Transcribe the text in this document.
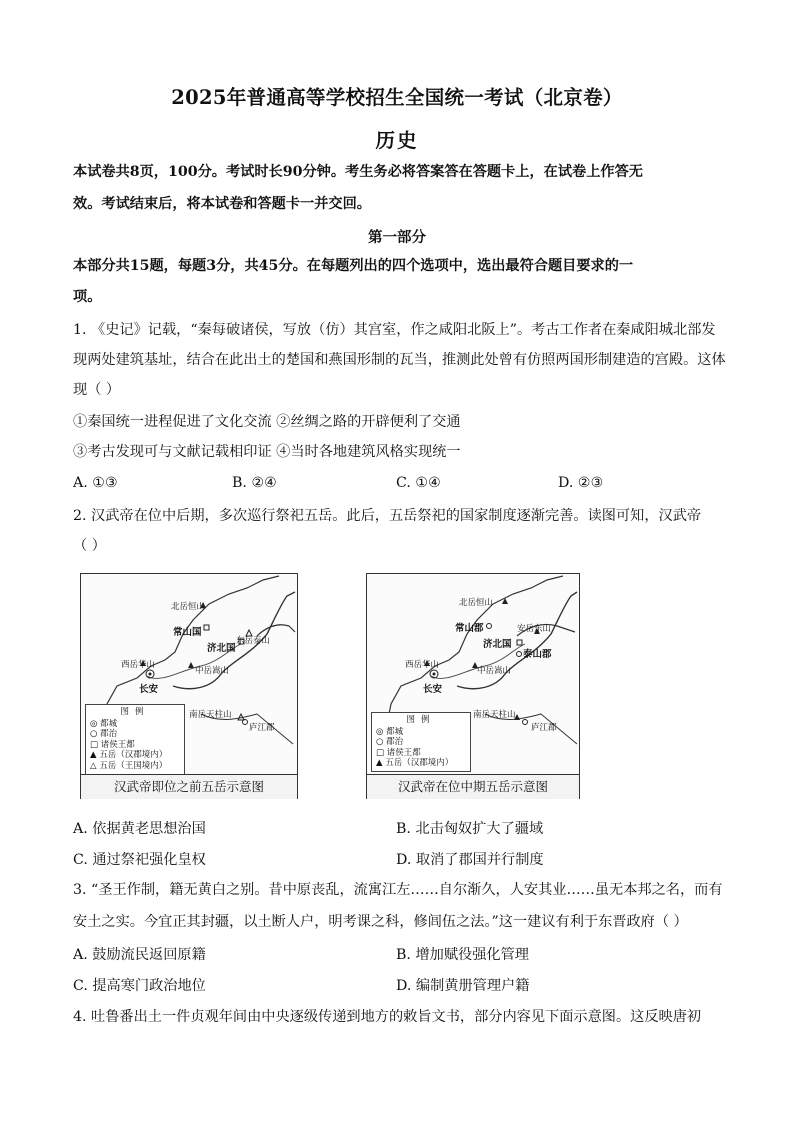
2025年普通高等学校招生全国统一考试（北京卷）
历史
本试卷共8页，100分。考试时长90分钟。考生务必将答案答在答题卡上，在试卷上作答无
效。考试结束后，将本试卷和答题卡一并交回。
第一部分
本部分共15题，每题3分，共45分。在每题列出的四个选项中，选出最符合题目要求的一
项。
1. 《史记》记载，“秦每破诸侯，写放（仿）其宫室，作之咸阳北阪上”。考古工作者在秦咸阳城北部发
现两处建筑基址，结合在此出土的楚国和燕国形制的瓦当，推测此处曾有仿照两国形制建造的宫殿。这体
现（ ）
①秦国统一进程促进了文化交流 ②丝绸之路的开辟便利了交通
③考古发现可与文献记载相印证 ④当时各地建筑风格实现统一
A. ①③	B. ②④	C. ①④	D. ②③
2. 汉武帝在位中后期，多次巡行祭祀五岳。此后，五岳祭祀的国家制度逐渐完善。读图可知，汉武帝
（ ）
北岳恒山
常山国
济北国
东岳泰山
西岳华山
中岳嵩山
长安
南岳天柱山
庐江郡
图例
◎ 都城
○ 郡治
□ 诸侯王都
▲ 五岳（汉郡境内）
△ 五岳（王国境内）
汉武帝即位之前五岳示意图
北岳恒山
常山郡
济北国
安岳东山
泰山郡
西岳华山
中岳嵩山
长安
南岳天柱山
庐江郡
图例
◎ 都城
○ 郡治
□ 诸侯王都
▲ 五岳（汉郡境内）
汉武帝在位中期五岳示意图
A. 依据黄老思想治国	B. 北击匈奴扩大了疆域
C. 通过祭祀强化皇权	D. 取消了郡国并行制度
3. “圣王作制，籍无黄白之别。昔中原丧乱，流寓江左……自尔渐久，人安其业……虽无本邦之名，而有
安土之实。今宜正其封疆，以土断人户，明考课之科，修闾伍之法。”这一建议有利于东晋政府（ ）
A. 鼓励流民返回原籍	B. 增加赋役强化管理
C. 提高寒门政治地位	D. 编制黄册管理户籍
4. 吐鲁番出土一件贞观年间由中央逐级传递到地方的敕旨文书，部分内容见下面示意图。这反映唐初
